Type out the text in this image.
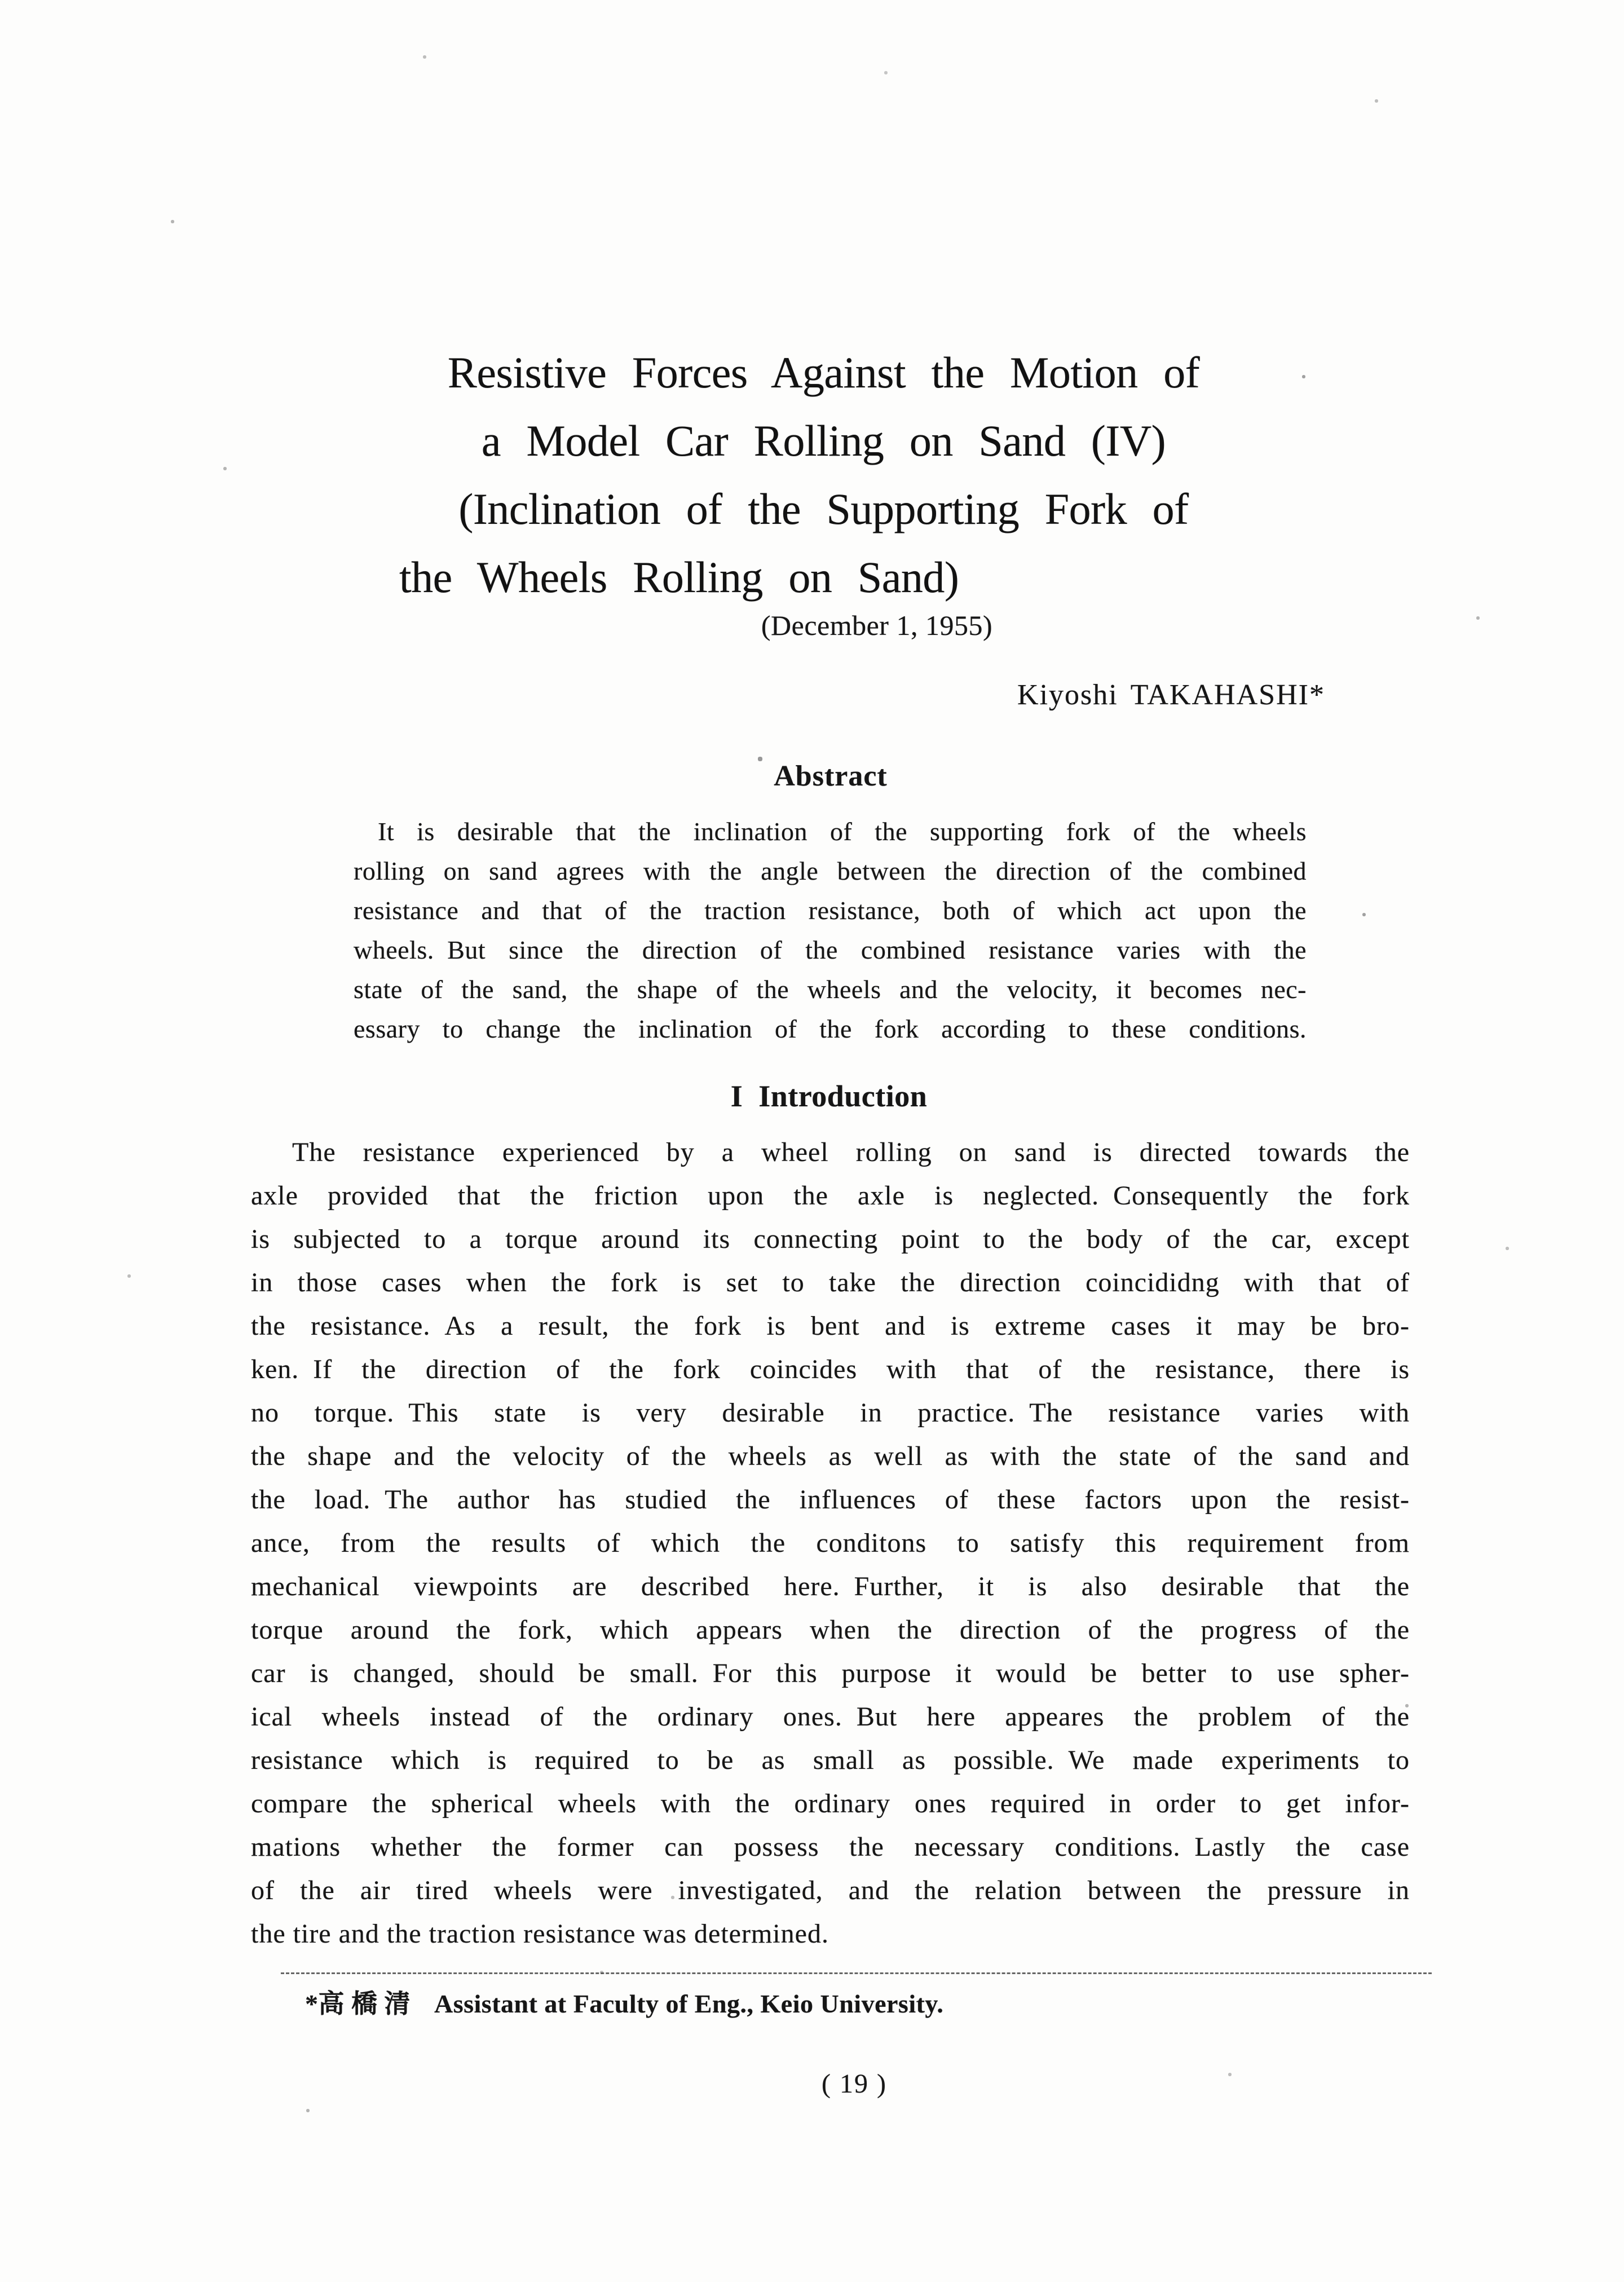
Resistive Forces Against the Motion of
a Model Car Rolling on Sand (IV)
(Inclination of the Supporting Fork of
the Wheels Rolling on Sand)
(December 1, 1955)
Kiyoshi TAKAHASHI*
Abstract
It is desirable that the inclination of the supporting fork of the wheels
rolling on sand agrees with the angle between the direction of the combined
resistance and that of the traction resistance, both of which act upon the
wheels. But since the direction of the combined resistance varies with the
state of the sand, the shape of the wheels and the velocity, it becomes nec-
essary to change the inclination of the fork according to these conditions.
I Introduction
The resistance experienced by a wheel rolling on sand is directed towards the
axle provided that the friction upon the axle is neglected. Consequently the fork
is subjected to a torque around its connecting point to the body of the car, except
in those cases when the fork is set to take the direction coincididng with that of
the resistance. As a result, the fork is bent and is extreme cases it may be bro-
ken. If the direction of the fork coincides with that of the resistance, there is
no torque. This state is very desirable in practice. The resistance varies with
the shape and the velocity of the wheels as well as with the state of the sand and
the load. The author has studied the influences of these factors upon the resist-
ance, from the results of which the conditons to satisfy this requirement from
mechanical viewpoints are described here. Further, it is also desirable that the
torque around the fork, which appears when the direction of the progress of the
car is changed, should be small. For this purpose it would be better to use spher-
ical wheels instead of the ordinary ones. But here appeares the problem of the
resistance which is required to be as small as possible. We made experiments to
compare the spherical wheels with the ordinary ones required in order to get infor-
mations whether the former can possess the necessary conditions. Lastly the case
of the air tired wheels were investigated, and the relation between the pressure in
the tire and the traction resistance was determined.
*高 橋 清 Assistant at Faculty of Eng., Keio University.
( 19 )
